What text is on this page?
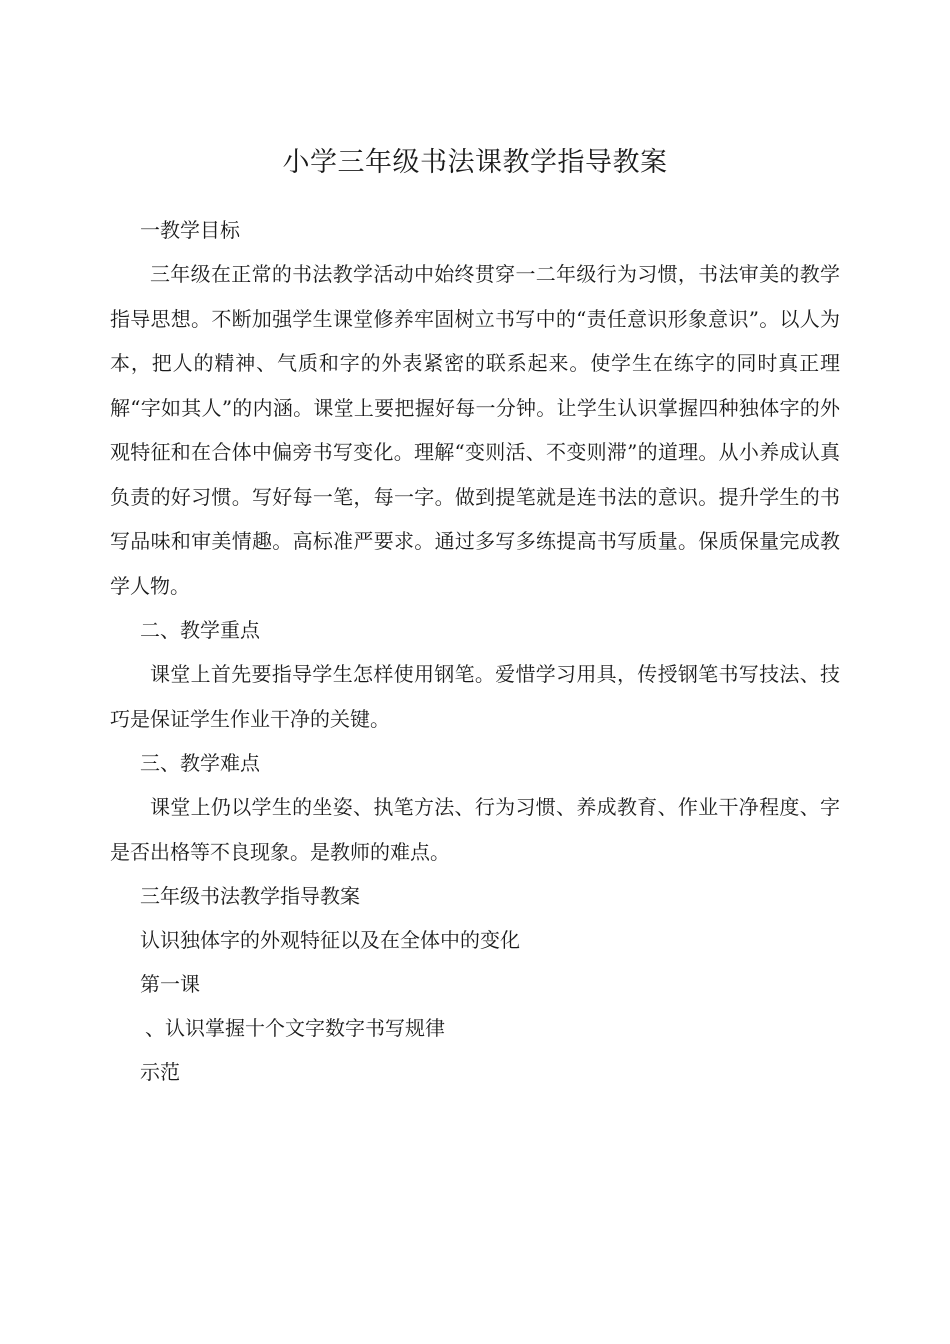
小学三年级书法课教学指导教案

一教学目标

三年级在正常的书法教学活动中始终贯穿一二年级行为习惯，书法审美的教学指导思想。不断加强学生课堂修养牢固树立书写中的“责任意识形象意识”。以人为本，把人的精神、气质和字的外表紧密的联系起来。使学生在练字的同时真正理解“字如其人”的内涵。课堂上要把握好每一分钟。让学生认识掌握四种独体字的外观特征和在合体中偏旁书写变化。理解“变则活、不变则滞”的道理。从小养成认真负责的好习惯。写好每一笔，每一字。做到提笔就是连书法的意识。提升学生的书写品味和审美情趣。高标准严要求。通过多写多练提高书写质量。保质保量完成教学人物。

二、教学重点

课堂上首先要指导学生怎样使用钢笔。爱惜学习用具，传授钢笔书写技法、技巧是保证学生作业干净的关键。

三、教学难点

课堂上仍以学生的坐姿、执笔方法、行为习惯、养成教育、作业干净程度、字是否出格等不良现象。是教师的难点。

三年级书法教学指导教案

认识独体字的外观特征以及在全体中的变化

第一课

、认识掌握十个文字数字书写规律

示范
